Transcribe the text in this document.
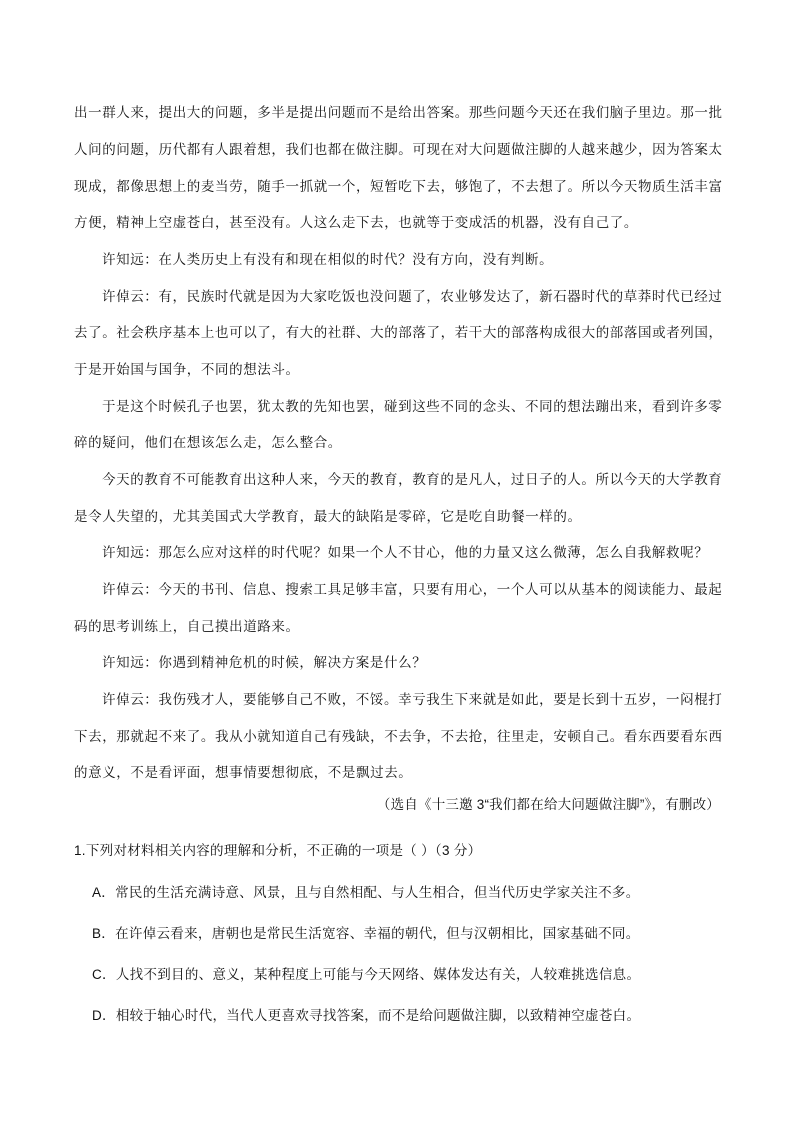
出一群人来，提出大的问题，多半是提出问题而不是给出答案。那些问题今天还在我们脑子里边。那一批
人问的问题，历代都有人跟着想，我们也都在做注脚。可现在对大问题做注脚的人越来越少，因为答案太
现成，都像思想上的麦当劳，随手一抓就一个，短暂吃下去，够饱了，不去想了。所以今天物质生活丰富
方便，精神上空虚苍白，甚至没有。人这么走下去，也就等于变成活的机器，没有自己了。
许知远：在人类历史上有没有和现在相似的时代？没有方向，没有判断。
许倬云：有，民族时代就是因为大家吃饭也没问题了，农业够发达了，新石器时代的草莽时代已经过
去了。社会秩序基本上也可以了，有大的社群、大的部落了，若干大的部落构成很大的部落国或者列国，
于是开始国与国争，不同的想法斗。
于是这个时候孔子也罢，犹太教的先知也罢，碰到这些不同的念头、不同的想法蹦出来，看到许多零
碎的疑问，他们在想该怎么走，怎么整合。
今天的教育不可能教育出这种人来，今天的教育，教育的是凡人，过日子的人。所以今天的大学教育
是令人失望的，尤其美国式大学教育，最大的缺陷是零碎，它是吃自助餐一样的。
许知远：那怎么应对这样的时代呢？如果一个人不甘心，他的力量又这么微薄，怎么自我解救呢？
许倬云：今天的书刊、信息、搜索工具足够丰富，只要有用心，一个人可以从基本的阅读能力、最起
码的思考训练上，自己摸出道路来。
许知远：你遇到精神危机的时候，解决方案是什么？
许倬云：我伤残才人，要能够自己不败，不馁。幸亏我生下来就是如此，要是长到十五岁，一闷棍打
下去，那就起不来了。我从小就知道自己有残缺，不去争，不去抢，往里走，安顿自己。看东西要看东西
的意义，不是看评面，想事情要想彻底，不是飘过去。
（选自《十三邀 3“我们都在给大问题做注脚”》，有删改）
1.下列对材料相关内容的理解和分析，不正确的一项是（ ）（3 分）
A．常民的生活充满诗意、风景，且与自然相配、与人生相合，但当代历史学家关注不多。
B．在许倬云看来，唐朝也是常民生活宽容、幸福的朝代，但与汉朝相比，国家基础不同。
C．人找不到目的、意义，某种程度上可能与今天网络、媒体发达有关，人较难挑选信息。
D．相较于轴心时代，当代人更喜欢寻找答案，而不是给问题做注脚，以致精神空虚苍白。
